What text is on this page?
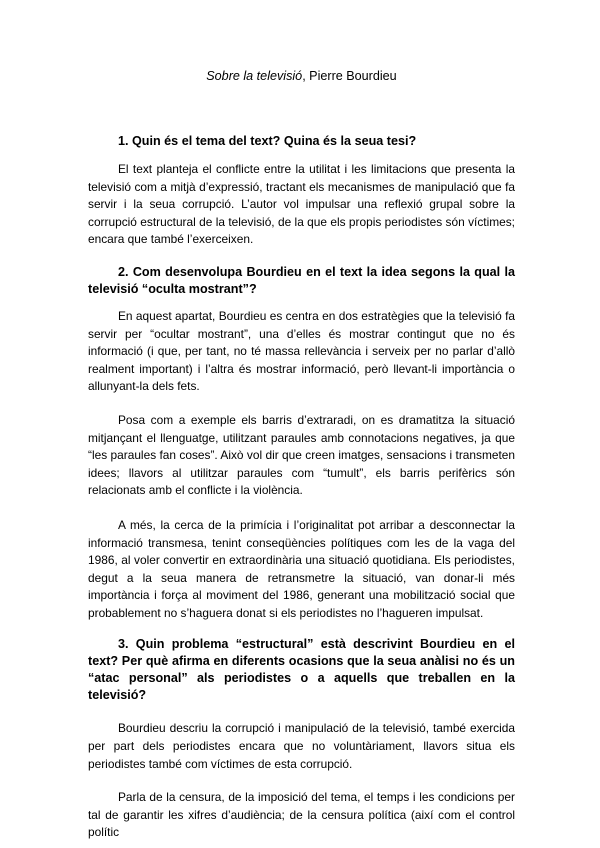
Sobre la televisió, Pierre Bourdieu
1. Quin és el tema del text? Quina és la seua tesi?

El text planteja el conflicte entre la utilitat i les limitacions que presenta la televisió com a mitjà d’expressió, tractant els mecanismes de manipulació que fa servir i la seua corrupció. L’autor vol impulsar una reflexió grupal sobre la corrupció estructural de la televisió, de la que els propis periodistes són víctimes; encara que també l’exerceixen.

2. Com desenvolupa Bourdieu en el text la idea segons la qual la televisió “oculta mostrant”?

En aquest apartat, Bourdieu es centra en dos estratègies que la televisió fa servir per “ocultar mostrant”, una d’elles és mostrar contingut que no és informació (i que, per tant, no té massa rellevància i serveix per no parlar d’allò realment important) i l’altra és mostrar informació, però llevant-li importància o allunyant-la dels fets.

Posa com a exemple els barris d’extraradi, on es dramatitza la situació mitjançant el llenguatge, utilitzant paraules amb connotacions negatives, ja que “les paraules fan coses”. Això vol dir que creen imatges, sensacions i transmeten idees; llavors al utilitzar paraules com “tumult”, els barris perifèrics són relacionats amb el conflicte i la violència.

A més, la cerca de la primícia i l’originalitat pot arribar a desconnectar la informació transmesa, tenint conseqüències polítiques com les de la vaga del 1986, al voler convertir en extraordinària una situació quotidiana. Els periodistes, degut a la seua manera de retransmetre la situació, van donar-li més importància i força al moviment del 1986, generant una mobilització social que probablement no s’haguera donat si els periodistes no l’hagueren impulsat.

3. Quin problema “estructural” està descrivint Bourdieu en el text? Per què afirma en diferents ocasions que la seua anàlisi no és un “atac personal” als periodistes o a aquells que treballen en la televisió?

Bourdieu descriu la corrupció i manipulació de la televisió, també exercida per part dels periodistes encara que no voluntàriament, llavors situa els periodistes també com víctimes de esta corrupció.

Parla de la censura, de la imposició del tema, el temps i les condicions per tal de garantir les xifres d’audiència; de la censura política (així com el control polític
